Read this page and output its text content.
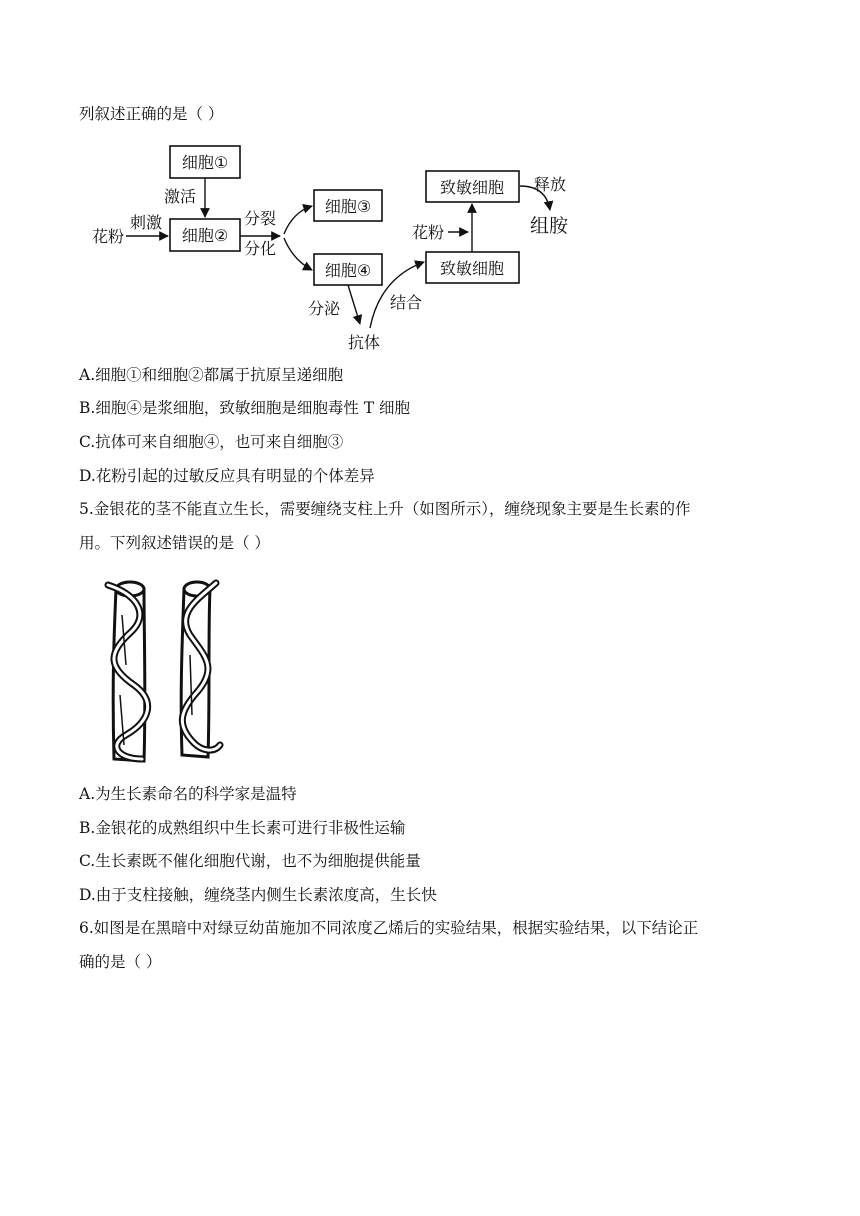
列叙述正确的是（ ）
细胞①
细胞②
细胞③
细胞④
致敏细胞
致敏细胞
花粉
刺激
激活
分裂
分化
分泌
抗体
结合
花粉
释放
组胺
A.细胞①和细胞②都属于抗原呈递细胞
B.细胞④是浆细胞，致敏细胞是细胞毒性 T 细胞
C.抗体可来自细胞④，也可来自细胞③
D.花粉引起的过敏反应具有明显的个体差异
5.金银花的茎不能直立生长，需要缠绕支柱上升（如图所示），缠绕现象主要是生长素的作
用。下列叙述错误的是（ ）
A.为生长素命名的科学家是温特
B.金银花的成熟组织中生长素可进行非极性运输
C.生长素既不催化细胞代谢，也不为细胞提供能量
D.由于支柱接触，缠绕茎内侧生长素浓度高，生长快
6.如图是在黑暗中对绿豆幼苗施加不同浓度乙烯后的实验结果，根据实验结果，以下结论正
确的是（ ）
